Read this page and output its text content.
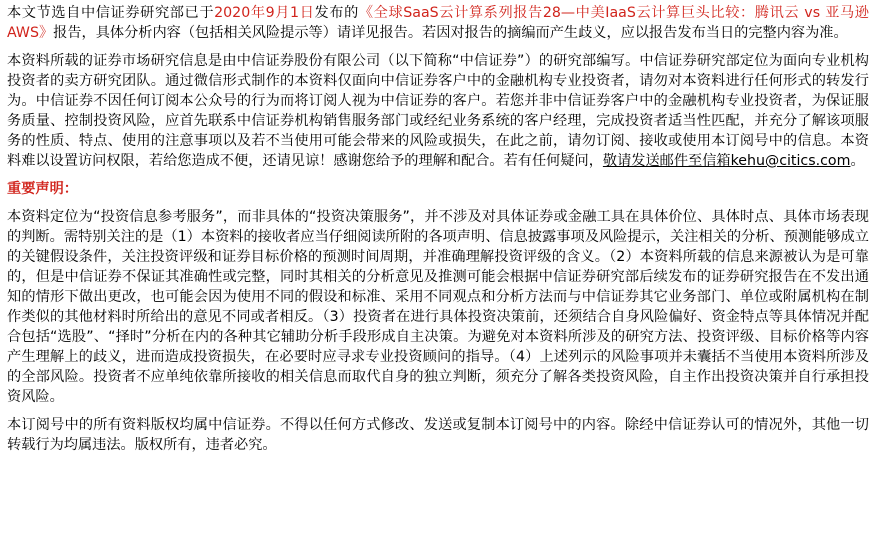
本文节选自中信证券研究部已于2020年9月1日发布的《全球SaaS云计算系列报告28—中美IaaS云计算巨头比较：腾讯云 vs 亚马逊AWS》报告，具体分析内容（包括相关风险提示等）请详见报告。若因对报告的摘编而产生歧义，应以报告发布当日的完整内容为准。

本资料所载的证券市场研究信息是由中信证券股份有限公司（以下简称“中信证券”）的研究部编写。中信证券研究部定位为面向专业机构投资者的卖方研究团队。通过微信形式制作的本资料仅面向中信证券客户中的金融机构专业投资者，请勿对本资料进行任何形式的转发行为。中信证券不因任何订阅本公众号的行为而将订阅人视为中信证券的客户。若您并非中信证券客户中的金融机构专业投资者，为保证服务质量、控制投资风险，应首先联系中信证券机构销售服务部门或经纪业务系统的客户经理，完成投资者适当性匹配，并充分了解该项服务的性质、特点、使用的注意事项以及若不当使用可能会带来的风险或损失，在此之前，请勿订阅、接收或使用本订阅号中的信息。本资料难以设置访问权限，若给您造成不便，还请见谅！感谢您给予的理解和配合。若有任何疑问，敬请发送邮件至信箱kehu@citics.com。

重要声明：

本资料定位为“投资信息参考服务”，而非具体的“投资决策服务”，并不涉及对具体证券或金融工具在具体价位、具体时点、具体市场表现的判断。需特别关注的是（1）本资料的接收者应当仔细阅读所附的各项声明、信息披露事项及风险提示，关注相关的分析、预测能够成立的关键假设条件，关注投资评级和证券目标价格的预测时间周期，并准确理解投资评级的含义。（2）本资料所载的信息来源被认为是可靠的，但是中信证券不保证其准确性或完整，同时其相关的分析意见及推测可能会根据中信证券研究部后续发布的证券研究报告在不发出通知的情形下做出更改，也可能会因为使用不同的假设和标准、采用不同观点和分析方法而与中信证券其它业务部门、单位或附属机构在制作类似的其他材料时所给出的意见不同或者相反。（3）投资者在进行具体投资决策前，还须结合自身风险偏好、资金特点等具体情况并配合包括“选股”、“择时”分析在内的各种其它辅助分析手段形成自主决策。为避免对本资料所涉及的研究方法、投资评级、目标价格等内容产生理解上的歧义，进而造成投资损失，在必要时应寻求专业投资顾问的指导。（4）上述列示的风险事项并未囊括不当使用本资料所涉及的全部风险。投资者不应单纯依靠所接收的相关信息而取代自身的独立判断，须充分了解各类投资风险，自主作出投资决策并自行承担投资风险。

本订阅号中的所有资料版权均属中信证券。不得以任何方式修改、发送或复制本订阅号中的内容。除经中信证券认可的情况外，其他一切转载行为均属违法。版权所有，违者必究。
